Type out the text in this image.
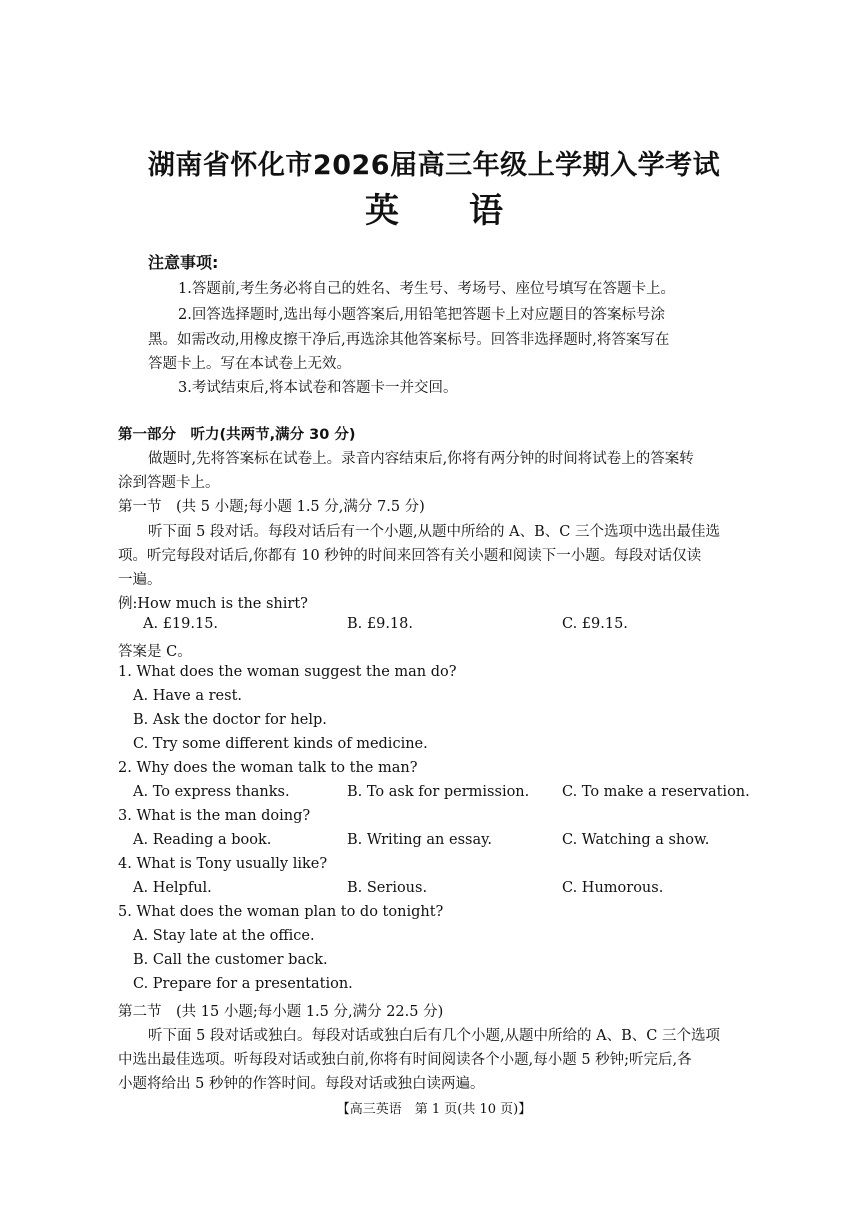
湖南省怀化市2026届高三年级上学期入学考试
英 语
注意事项:
1.答题前,考生务必将自己的姓名、考生号、考场号、座位号填写在答题卡上。
2.回答选择题时,选出每小题答案后,用铅笔把答题卡上对应题目的答案标号涂
黑。如需改动,用橡皮擦干净后,再选涂其他答案标号。回答非选择题时,将答案写在
答题卡上。写在本试卷上无效。
3.考试结束后,将本试卷和答题卡一并交回。
第一部分　听力(共两节,满分 30 分)
做题时,先将答案标在试卷上。录音内容结束后,你将有两分钟的时间将试卷上的答案转
涂到答题卡上。
第一节　(共 5 小题;每小题 1.5 分,满分 7.5 分)
听下面 5 段对话。每段对话后有一个小题,从题中所给的 A、B、C 三个选项中选出最佳选
项。听完每段对话后,你都有 10 秒钟的时间来回答有关小题和阅读下一小题。每段对话仅读
一遍。
例:How much is the shirt?
A. £19.15.	B. £9.18.	C. £9.15.
答案是 C。
1. What does the woman suggest the man do?
A. Have a rest.
B. Ask the doctor for help.
C. Try some different kinds of medicine.
2. Why does the woman talk to the man?
A. To express thanks.	B. To ask for permission. C. To make a reservation.
3. What is the man doing?
A. Reading a book.	B. Writing an essay.	C. Watching a show.
4. What is Tony usually like?
A. Helpful.	B. Serious.	C. Humorous.
5. What does the woman plan to do tonight?
A. Stay late at the office.
B. Call the customer back.
C. Prepare for a presentation.
第二节　(共 15 小题;每小题 1.5 分,满分 22.5 分)
听下面 5 段对话或独白。每段对话或独白后有几个小题,从题中所给的 A、B、C 三个选项
中选出最佳选项。听每段对话或独白前,你将有时间阅读各个小题,每小题 5 秒钟;听完后,各
小题将给出 5 秒钟的作答时间。每段对话或独白读两遍。
【高三英语　第 1 页(共 10 页)】
